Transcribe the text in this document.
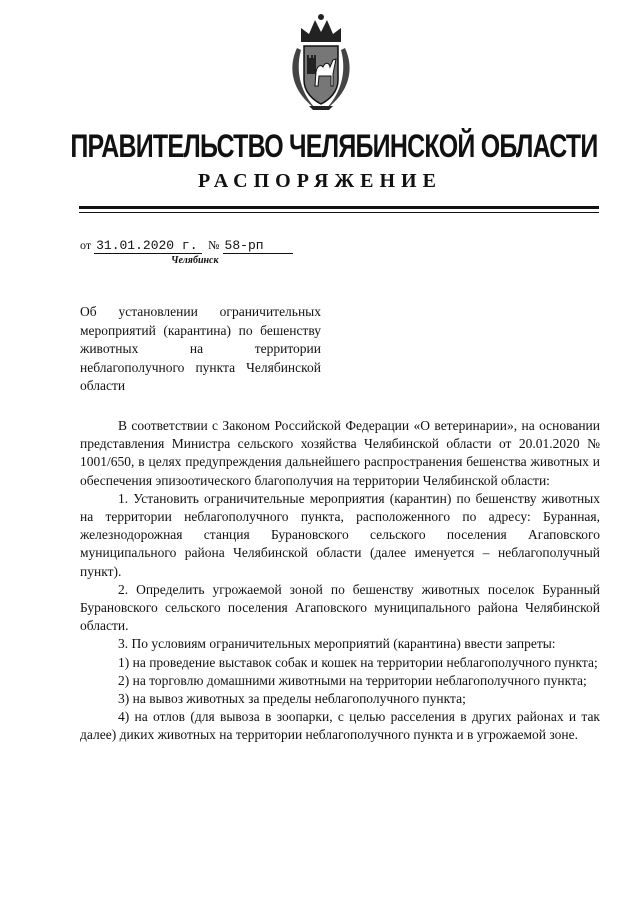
ПРАВИТЕЛЬСТВО ЧЕЛЯБИНСКОЙ ОБЛАСТИ
РАСПОРЯЖЕНИЕ
от 31.01.2020 г. № 58-рп
Челябинск
Об установлении ограничительных мероприятий (карантина) по бешенству животных на территории неблагополучного пункта Челябинской области

В соответствии с Законом Российской Федерации «О ветеринарии», на основании представления Министра сельского хозяйства Челябинской области от 20.01.2020 № 1001/650, в целях предупреждения дальнейшего распространения бешенства животных и обеспечения эпизоотического благополучия на территории Челябинской области:

1. Установить ограничительные мероприятия (карантин) по бешенству животных на территории неблагополучного пункта, расположенного по адресу: Буранная, железнодорожная станция Бурановского сельского поселения Агаповского муниципального района Челябинской области (далее именуется – неблагополучный пункт).

2. Определить угрожаемой зоной по бешенству животных поселок Буранный Бурановского сельского поселения Агаповского муниципального района Челябинской области.

3. По условиям ограничительных мероприятий (карантина) ввести запреты:

1) на проведение выставок собак и кошек на территории неблагополучного пункта;

2) на торговлю домашними животными на территории неблагополучного пункта;

3) на вывоз животных за пределы неблагополучного пункта;

4) на отлов (для вывоза в зоопарки, с целью расселения в других районах и так далее) диких животных на территории неблагополучного пункта и в угрожаемой зоне.
